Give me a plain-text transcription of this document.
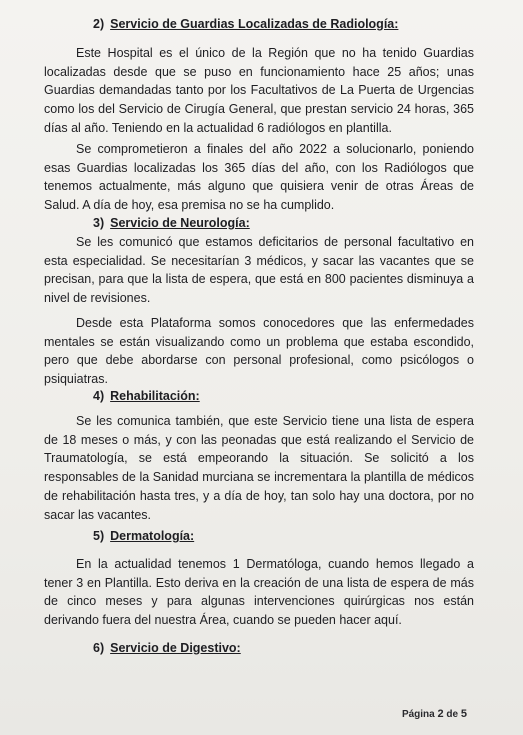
2) Servicio de Guardias Localizadas de Radiología:

Este Hospital es el único de la Región que no ha tenido Guardias localizadas desde que se puso en funcionamiento hace 25 años; unas Guardias demandadas tanto por los Facultativos de La Puerta de Urgencias como los del Servicio de Cirugía General, que prestan servicio 24 horas, 365 días al año. Teniendo en la actualidad 6 radiólogos en plantilla.

Se comprometieron a finales del año 2022 a solucionarlo, poniendo esas Guardias localizadas los 365 días del año, con los Radiólogos que tenemos actualmente, más alguno que quisiera venir de otras Áreas de Salud. A día de hoy, esa premisa no se ha cumplido.

3) Servicio de Neurología:

Se les comunicó que estamos deficitarios de personal facultativo en esta especialidad. Se necesitarían 3 médicos, y sacar las vacantes que se precisan, para que la lista de espera, que está en 800 pacientes disminuya a nivel de revisiones.

Desde esta Plataforma somos conocedores que las enfermedades mentales se están visualizando como un problema que estaba escondido, pero que debe abordarse con personal profesional, como psicólogos o psiquiatras.

4) Rehabilitación:

Se les comunica también, que este Servicio tiene una lista de espera de 18 meses o más, y con las peonadas que está realizando el Servicio de Traumatología, se está empeorando la situación. Se solicitó a los responsables de la Sanidad murciana se incrementara la plantilla de médicos de rehabilitación hasta tres, y a día de hoy, tan solo hay una doctora, por no sacar las vacantes.

5) Dermatología:

En la actualidad tenemos 1 Dermatóloga, cuando hemos llegado a tener 3 en Plantilla. Esto deriva en la creación de una lista de espera de más de cinco meses y para algunas intervenciones quirúrgicas nos están derivando fuera del nuestra Área, cuando se pueden hacer aquí.

6) Servicio de Digestivo:
Página 2 de 5
